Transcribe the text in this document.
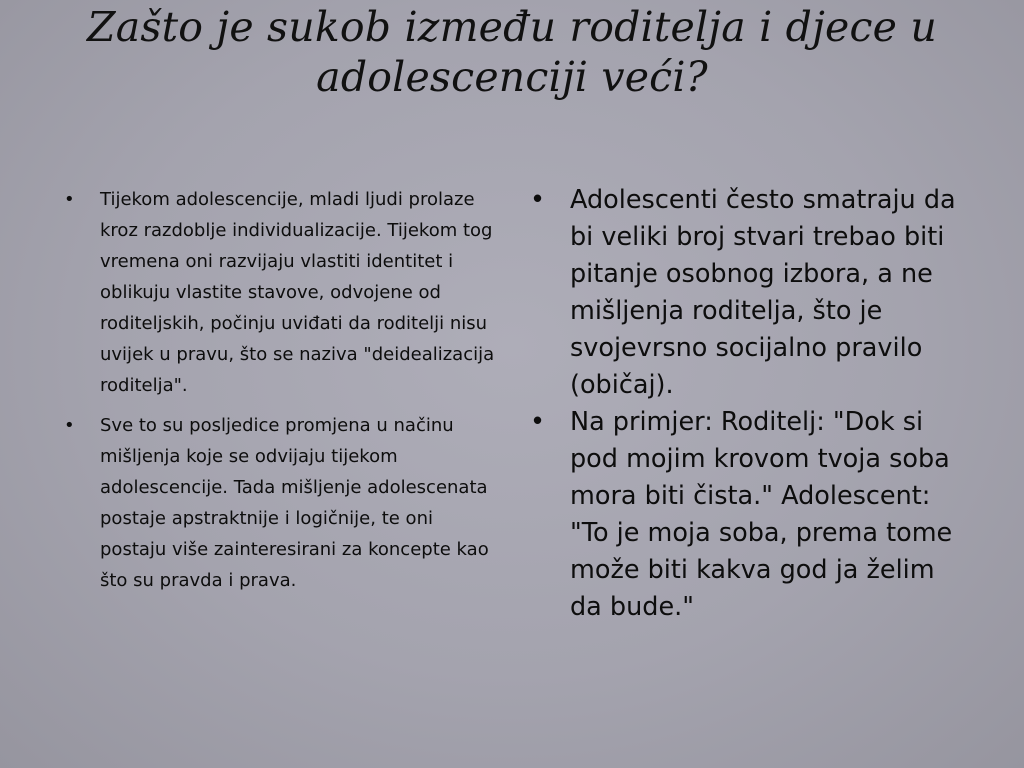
Zašto je sukob između roditelja i djece u adolescenciji veći?
• Tijekom adolescencije, mladi ljudi prolaze kroz razdoblje individualizacije. Tijekom tog vremena oni razvijaju vlastiti identitet i oblikuju vlastite stavove, odvojene od roditeljskih, počinju uviđati da roditelji nisu uvijek u pravu, što se naziva "deidealizacija roditelja".
• Sve to su posljedice promjena u načinu mišljenja koje se odvijaju tijekom adolescencije. Tada mišljenje adolescenata postaje apstraktnije i logičnije, te oni postaju više zainteresirani za koncepte kao što su pravda i prava.
• Adolescenti često smatraju da bi veliki broj stvari trebao biti pitanje osobnog izbora, a ne mišljenja roditelja, što je svojevrsno socijalno pravilo (običaj).
• Na primjer: Roditelj: "Dok si pod mojim krovom tvoja soba mora biti čista." Adolescent: "To je moja soba, prema tome može biti kakva god ja želim da bude."
